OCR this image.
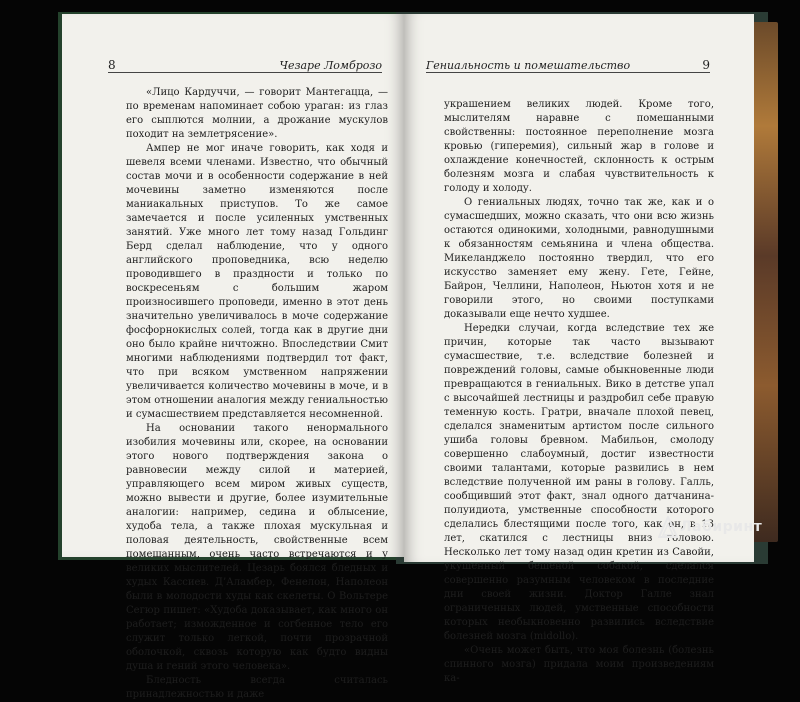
8	Чезаре Ломброзо

«Лицо Кардуччи, — говорит Мантегацца, — по временам напоминает собою ураган: из глаз его сыплются молнии, а дрожание мускулов походит на землетрясение».

Ампер не мог иначе говорить, как ходя и шевеля всеми членами. Известно, что обычный состав мочи и в особенности содержание в ней мочевины заметно изменяются после маниакальных приступов. То же самое замечается и после усиленных умственных занятий. Уже много лет тому назад Гольдинг Берд сделал наблюдение, что у одного английского проповедника, всю неделю проводившего в праздности и только по воскресеньям с большим жаром произносившего проповеди, именно в этот день значительно увеличивалось в моче содержание фосфорнокислых солей, тогда как в другие дни оно было крайне ничтожно. Впоследствии Смит многими наблюдениями подтвердил тот факт, что при всяком умственном напряжении увеличивается количество мочевины в моче, и в этом отношении аналогия между гениальностью и сумасшествием представляется несомненной.

На основании такого ненормального изобилия мочевины или, скорее, на основании этого нового подтверждения закона о равновесии между силой и материей, управляющего всем миром живых существ, можно вывести и другие, более изумительные аналогии: например, седина и облысение, худоба тела, а также плохая мускульная и половая деятельность, свойственные всем помешанным, очень часто встречаются и у великих мыслителей. Цезарь боялся бледных и худых Кассиев. Д’Аламбер, Фенелон, Наполеон были в молодости худы как скелеты. О Вольтере Сегюр пишет: «Худоба доказывает, как много он работает; изможденное и согбенное тело его служит только легкой, почти прозрачной оболочкой, сквозь которую как будто видны душа и гений этого человека».

Бледность всегда считалась принадлежностью и даже

Гениальность и помешательство	9

украшением великих людей. Кроме того, мыслителям наравне с помешанными свойственны: постоянное переполнение мозга кровью (гиперемия), сильный жар в голове и охлаждение конечностей, склонность к острым болезням мозга и слабая чувствительность к голоду и холоду.

О гениальных людях, точно так же, как и о сумасшедших, можно сказать, что они всю жизнь остаются одинокими, холодными, равнодушными к обязанностям семьянина и члена общества. Микеланджело постоянно твердил, что его искусство заменяет ему жену. Гете, Гейне, Байрон, Челлини, Наполеон, Ньютон хотя и не говорили этого, но своими поступками доказывали еще нечто худшее.

Нередки случаи, когда вследствие тех же причин, которые так часто вызывают сумасшествие, т.е. вследствие болезней и повреждений головы, самые обыкновенные люди превращаются в гениальных. Вико в детстве упал с высочайшей лестницы и раздробил себе правую теменную кость. Гратри, вначале плохой певец, сделался знаменитым артистом после сильного ушиба головы бревном. Мабильон, смолоду совершенно слабоумный, достиг известности своими талантами, которые развились в нем вследствие полученной им раны в голову. Галль, сообщивший этот факт, знал одного датчанина-полуидиота, умственные способности которого сделались блестящими после того, как он, в 13 лет, скатился с лестницы вниз головою. Несколько лет тому назад один кретин из Савойи, укушенный бешеной собакой, сделался совершенно разумным человеком в последние дни своей жизни. Доктор Галле знал ограниченных людей, умственные способности которых необыкновенно развились вследствие болезней мозга (midollo).

«Очень может быть, что моя болезнь (болезнь спинного мозга) придала моим произведениям ка-

Лабиринт
